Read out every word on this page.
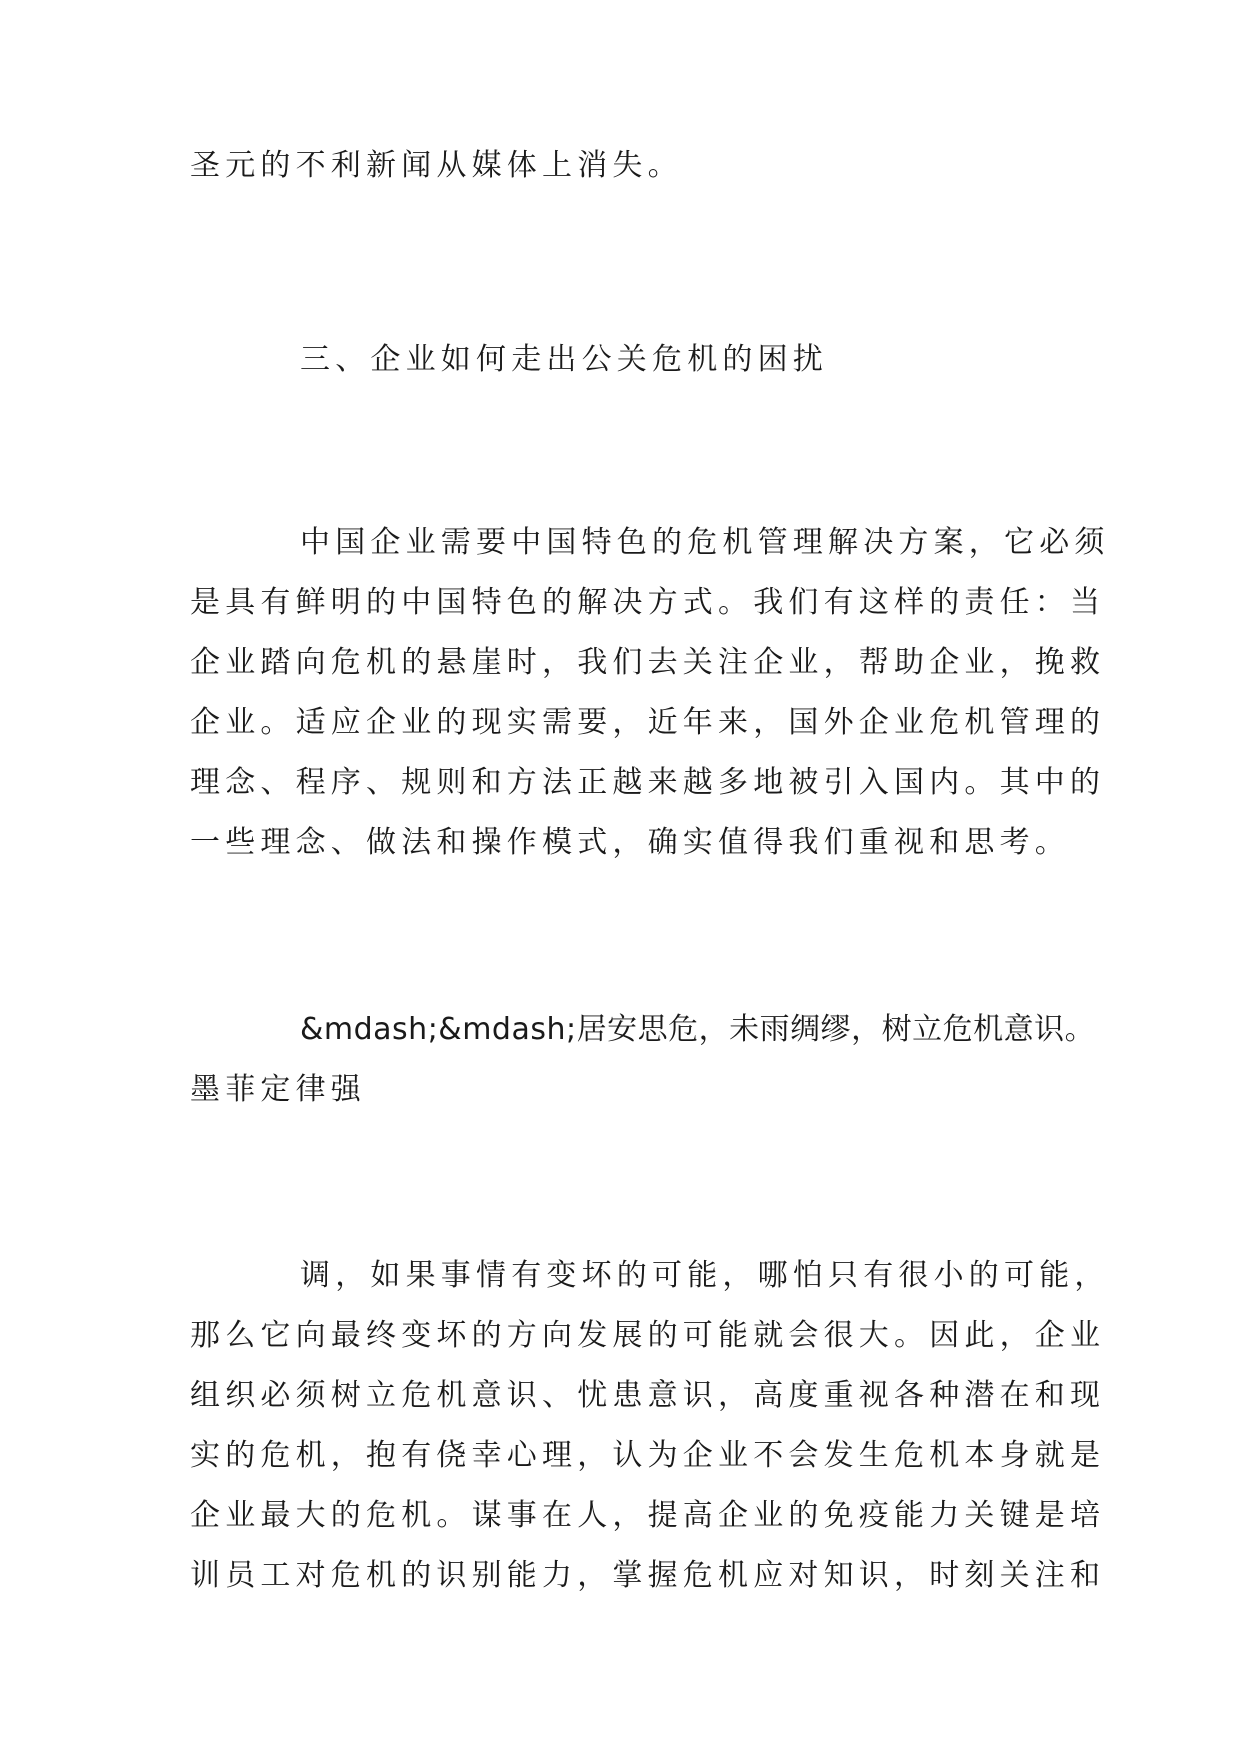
圣元的不利新闻从媒体上消失。
三、企业如何走出公关危机的困扰
中国企业需要中国特色的危机管理解决方案，它必须
是具有鲜明的中国特色的解决方式。我们有这样的责任：当
企业踏向危机的悬崖时，我们去关注企业，帮助企业，挽救
企业。适应企业的现实需要，近年来，国外企业危机管理的
理念、程序、规则和方法正越来越多地被引入国内。其中的
一些理念、做法和操作模式，确实值得我们重视和思考。
&mdash;&mdash;居安思危，未雨绸缪，树立危机意识。
墨菲定律强
调，如果事情有变坏的可能，哪怕只有很小的可能，
那么它向最终变坏的方向发展的可能就会很大。因此，企业
组织必须树立危机意识、忧患意识，高度重视各种潜在和现
实的危机，抱有侥幸心理，认为企业不会发生危机本身就是
企业最大的危机。谋事在人，提高企业的免疫能力关键是培
训员工对危机的识别能力，掌握危机应对知识，时刻关注和
